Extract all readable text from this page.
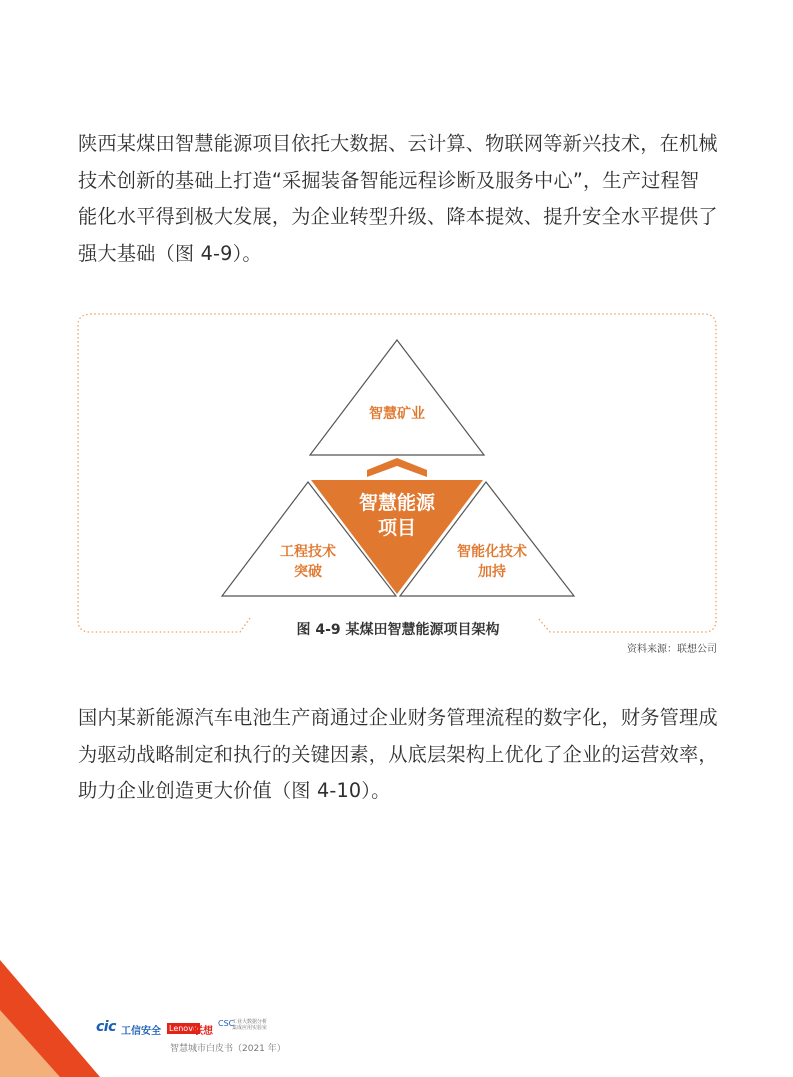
陕西某煤田智慧能源项目依托大数据、云计算、物联网等新兴技术，在机械技术创新的基础上打造“采掘装备智能远程诊断及服务中心”，生产过程智能化水平得到极大发展，为企业转型升级、降本提效、提升安全水平提供了强大基础（图 4-9）。

智慧矿业
智慧能源
项目
工程技术
突破
智能化技术
加持
图 4-9 某煤田智慧能源项目架构
资料来源：联想公司

国内某新能源汽车电池生产商通过企业财务管理流程的数字化，财务管理成为驱动战略制定和执行的关键因素，从底层架构上优化了企业的运营效率，助力企业创造更大价值（图 4-10）。

42
cic 工信安全 Lenovo
联想
CSC
工业大数据分析
集成应用实验室
智慧城市白皮书（2021 年）
